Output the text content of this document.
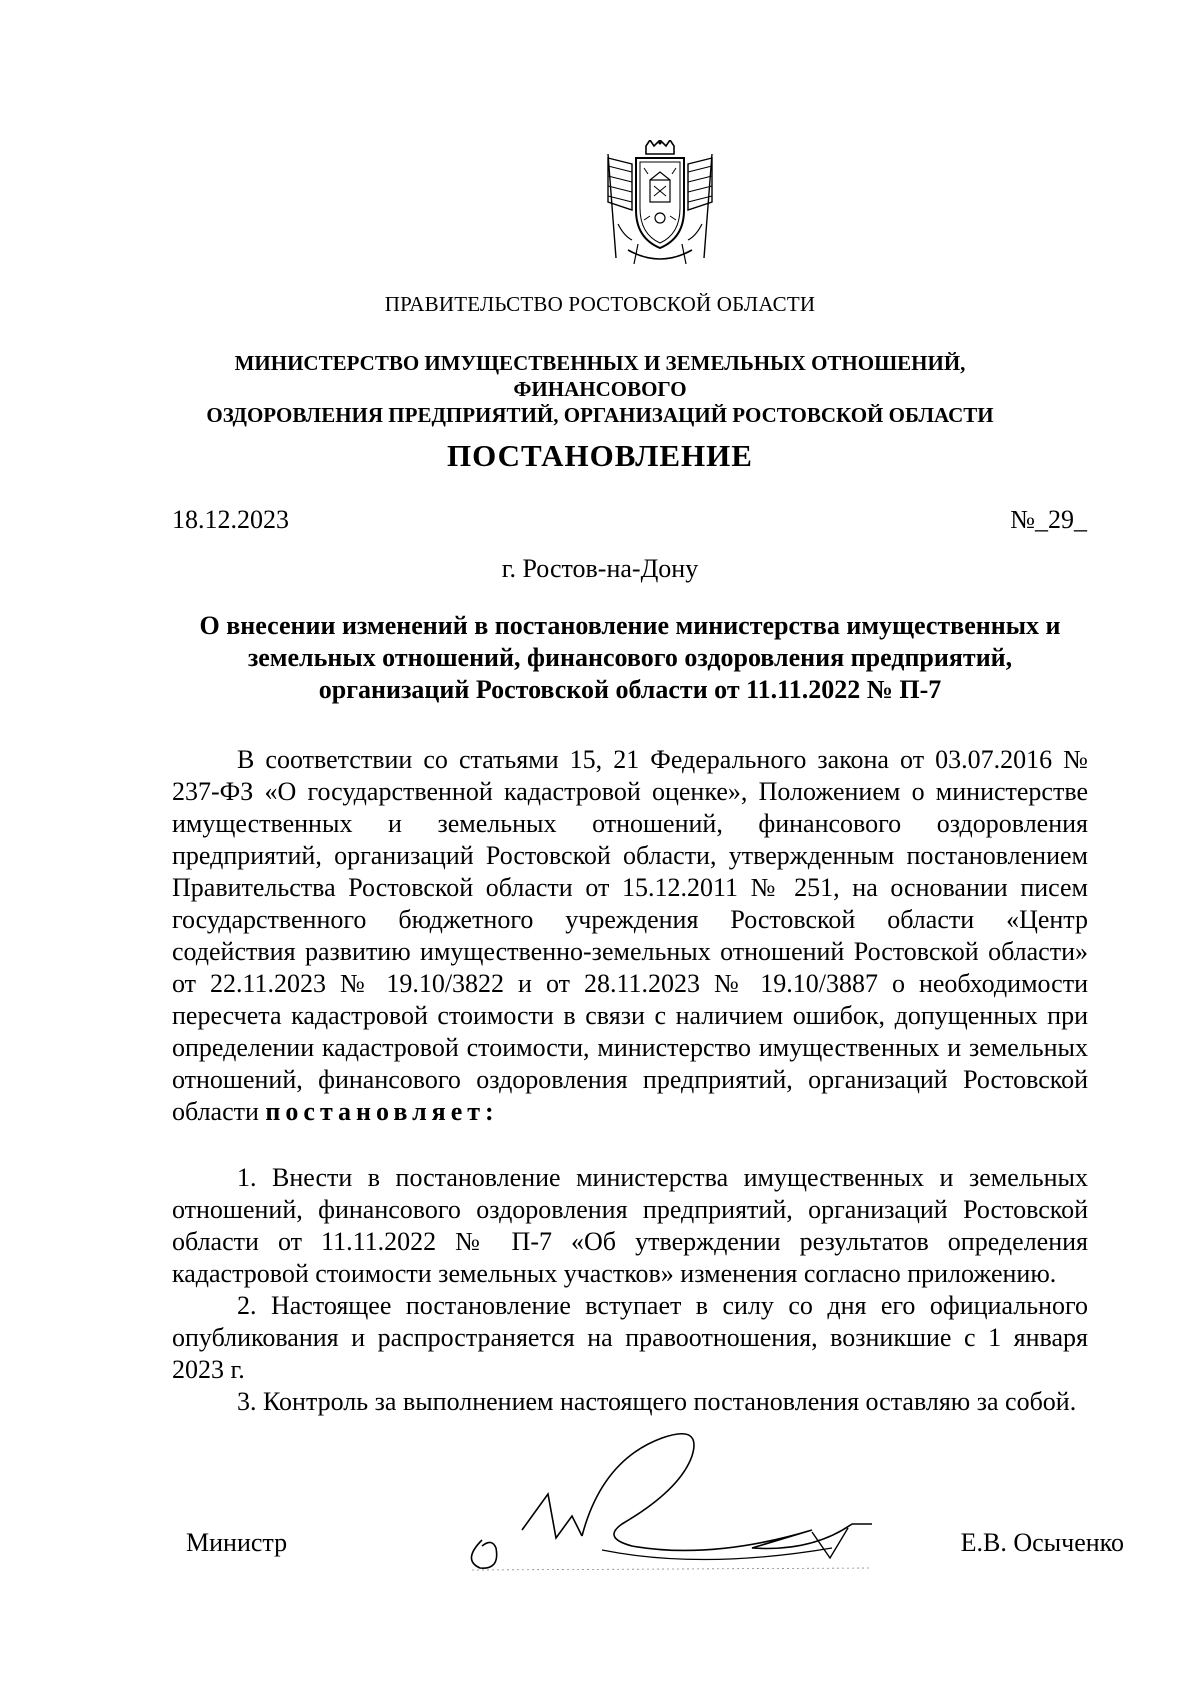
ПРАВИТЕЛЬСТВО РОСТОВСКОЙ ОБЛАСТИ
МИНИСТЕРСТВО ИМУЩЕСТВЕННЫХ И ЗЕМЕЛЬНЫХ ОТНОШЕНИЙ, ФИНАНСОВОГО
ОЗДОРОВЛЕНИЯ ПРЕДПРИЯТИЙ, ОРГАНИЗАЦИЙ РОСТОВСКОЙ ОБЛАСТИ
ПОСТАНОВЛЕНИЕ
18.12.2023	№_29_
г. Ростов-на-Дону
О внесении изменений в постановление министерства имущественных и
земельных отношений, финансового оздоровления предприятий,
организаций Ростовской области от 11.11.2022 № П-7

В соответствии со статьями 15, 21 Федерального закона от 03.07.2016 № 237-ФЗ «О государственной кадастровой оценке», Положением о министерстве имущественных и земельных отношений, финансового оздоровления предприятий, организаций Ростовской области, утвержденным постановлением Правительства Ростовской области от 15.12.2011 № 251, на основании писем государственного бюджетного учреждения Ростовской области «Центр содействия развитию имущественно-земельных отношений Ростовской области» от 22.11.2023 № 19.10/3822 и от 28.11.2023 № 19.10/3887 о необходимости пересчета кадастровой стоимости в связи с наличием ошибок, допущенных при определении кадастровой стоимости, министерство имущественных и земельных отношений, финансового оздоровления предприятий, организаций Ростовской области постановляет:

1. Внести в постановление министерства имущественных и земельных отношений, финансового оздоровления предприятий, организаций Ростовской области от 11.11.2022 № П-7 «Об утверждении результатов определения кадастровой стоимости земельных участков» изменения согласно приложению.

2. Настоящее постановление вступает в силу со дня его официального опубликования и распространяется на правоотношения, возникшие с 1 января 2023 г.

3. Контроль за выполнением настоящего постановления оставляю за собой.

Министр	Е.В. Осыченко
